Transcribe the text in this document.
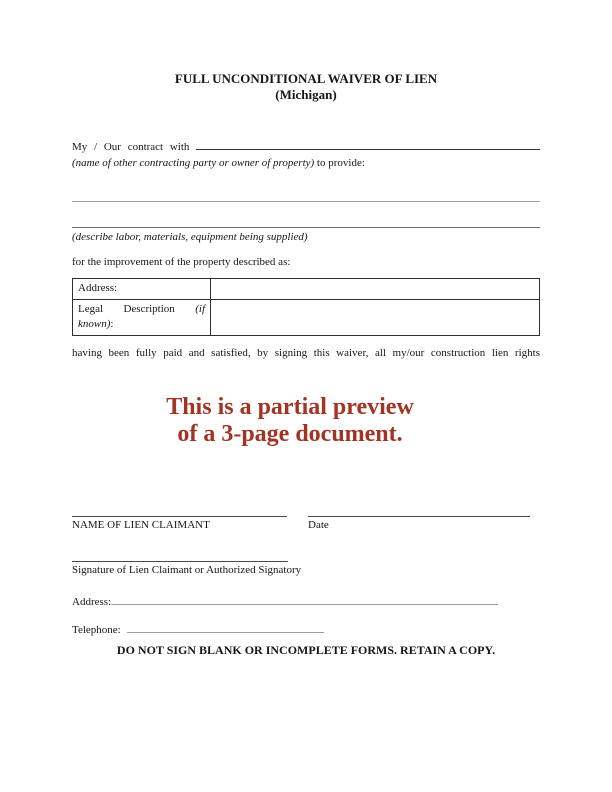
FULL UNCONDITIONAL WAIVER OF LIEN
(Michigan)
My / Our contract with
(name of other contracting party or owner of property) to provide:
(describe labor, materials, equipment being supplied)
for the improvement of the property described as:
Address:	
Legal Description (if known):	
having been fully paid and satisfied, by signing this waiver, all my/our construction lien rights
This is a partial preview
of a 3-page document.
NAME OF LIEN CLAIMANT	Date
Signature of Lien Claimant or Authorized Signatory
Address:
Telephone:
DO NOT SIGN BLANK OR INCOMPLETE FORMS. RETAIN A COPY.
